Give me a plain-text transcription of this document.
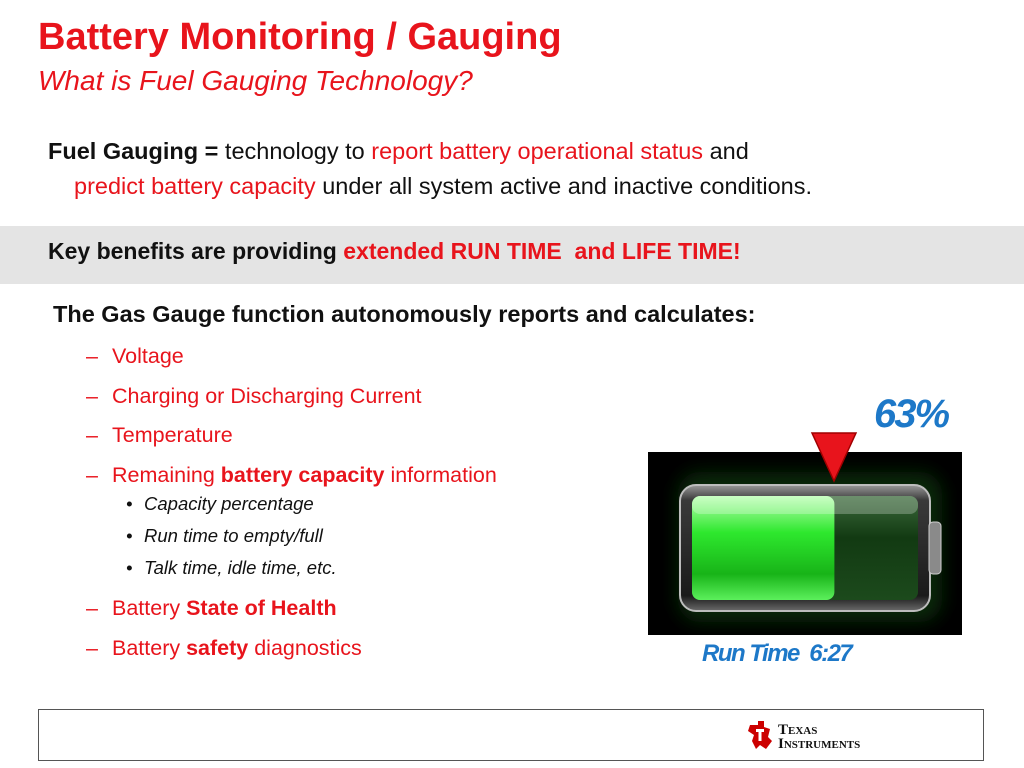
Battery Monitoring / Gauging
What is Fuel Gauging Technology?
Fuel Gauging = technology to report battery operational status and
predict battery capacity under all system active and inactive conditions.
Key benefits are providing extended RUN TIME  and LIFE TIME!
The Gas Gauge function autonomously reports and calculates:
– Voltage
– Charging or Discharging Current
– Temperature
– Remaining battery capacity information
• Capacity percentage
• Run time to empty/full
• Talk time, idle time, etc.
– Battery State of Health
– Battery safety diagnostics
63%
Run Time  6:27
Texas
Instruments
